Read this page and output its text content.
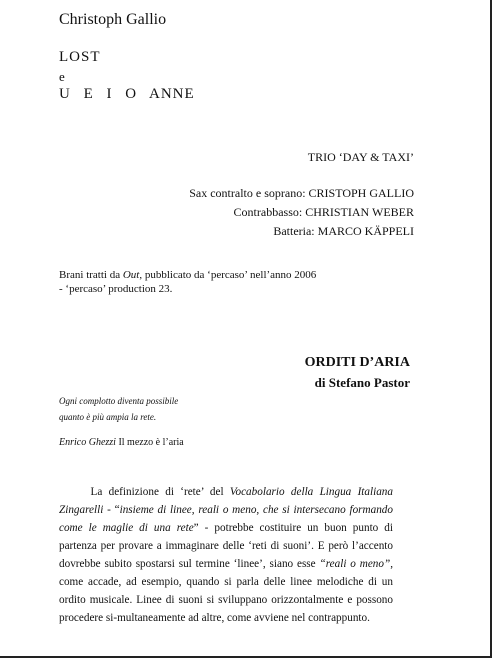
Christoph Gallio
LOST
e
U E I O ANNE
TRIO ‘DAY & TAXI’
Sax contralto e soprano: CRISTOPH GALLIO
Contrabbasso: CHRISTIAN WEBER
Batteria: MARCO KÄPPELI
Brani tratti da Out, pubblicato da ‘percaso’ nell’anno 2006
- ‘percaso’ production 23.
ORDITI D’ARIA
di Stefano Pastor
Ogni complotto diventa possibile
quanto è più ampia la rete.
Enrico Ghezzi Il mezzo è l’aria
La definizione di ‘rete’ del Vocabolario della Lingua Italiana Zingarelli - “insieme di linee, reali o meno, che si intersecano formando come le maglie di una rete” - potrebbe costituire un buon punto di partenza per provare a immaginare delle ‘reti di suoni’. E però l’accento dovrebbe subito spostarsi sul termine ‘linee’, siano esse “reali o meno”, come accade, ad esempio, quando si parla delle linee melodiche di un ordito musicale. Linee di suoni si sviluppano orizzontalmente e possono procedere si-multaneamente ad altre, come avviene nel contrappunto.
